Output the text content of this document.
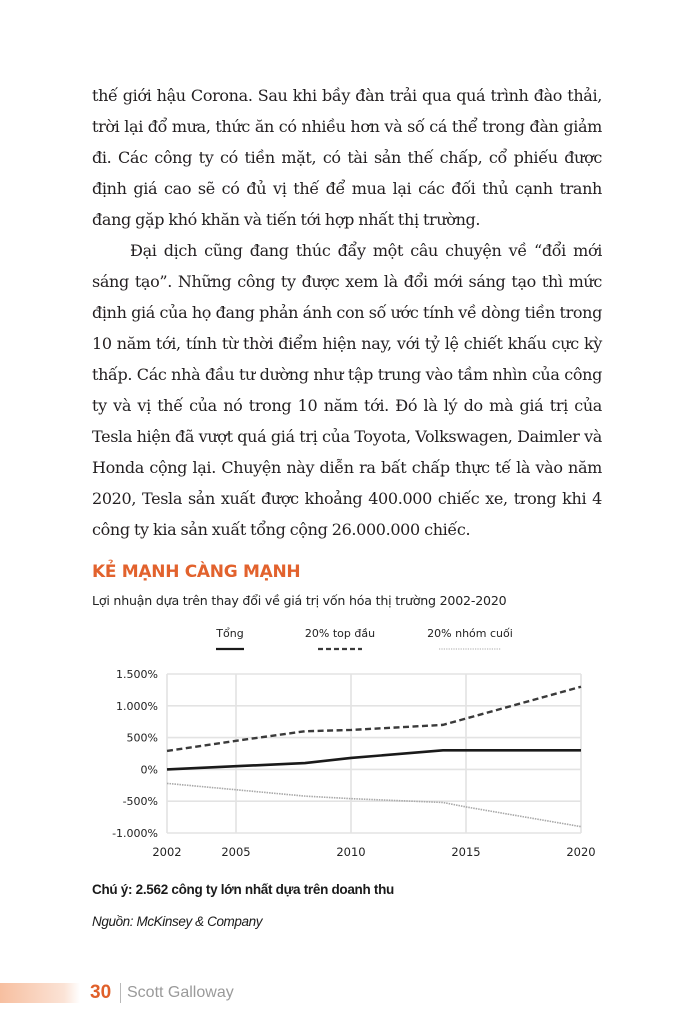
thế giới hậu Corona. Sau khi bầy đàn trải qua quá trình đào thải, trời lại đổ mưa, thức ăn có nhiều hơn và số cá thể trong đàn giảm đi. Các công ty có tiền mặt, có tài sản thế chấp, cổ phiếu được định giá cao sẽ có đủ vị thế để mua lại các đối thủ cạnh tranh đang gặp khó khăn và tiến tới hợp nhất thị trường.

Đại dịch cũng đang thúc đẩy một câu chuyện về “đổi mới sáng tạo”. Những công ty được xem là đổi mới sáng tạo thì mức định giá của họ đang phản ánh con số ước tính về dòng tiền trong 10 năm tới, tính từ thời điểm hiện nay, với tỷ lệ chiết khấu cực kỳ thấp. Các nhà đầu tư dường như tập trung vào tầm nhìn của công ty và vị thế của nó trong 10 năm tới. Đó là lý do mà giá trị của Tesla hiện đã vượt quá giá trị của Toyota, Volkswagen, Daimler và Honda cộng lại. Chuyện này diễn ra bất chấp thực tế là vào năm 2020, Tesla sản xuất được khoảng 400.000 chiếc xe, trong khi 4 công ty kia sản xuất tổng cộng 26.000.000 chiếc.

KẺ MẠNH CÀNG MẠNH
Lợi nhuận dựa trên thay đổi về giá trị vốn hóa thị trường 2002-2020
Tổng	20% top đầu	20% nhóm cuối
1.500%
1.000%
500%
0%
-500%
-1.000%
2002	2005	2010	2015	2020
Chú ý: 2.562 công ty lớn nhất dựa trên doanh thu
Nguồn: McKinsey & Company
30 Scott Galloway
